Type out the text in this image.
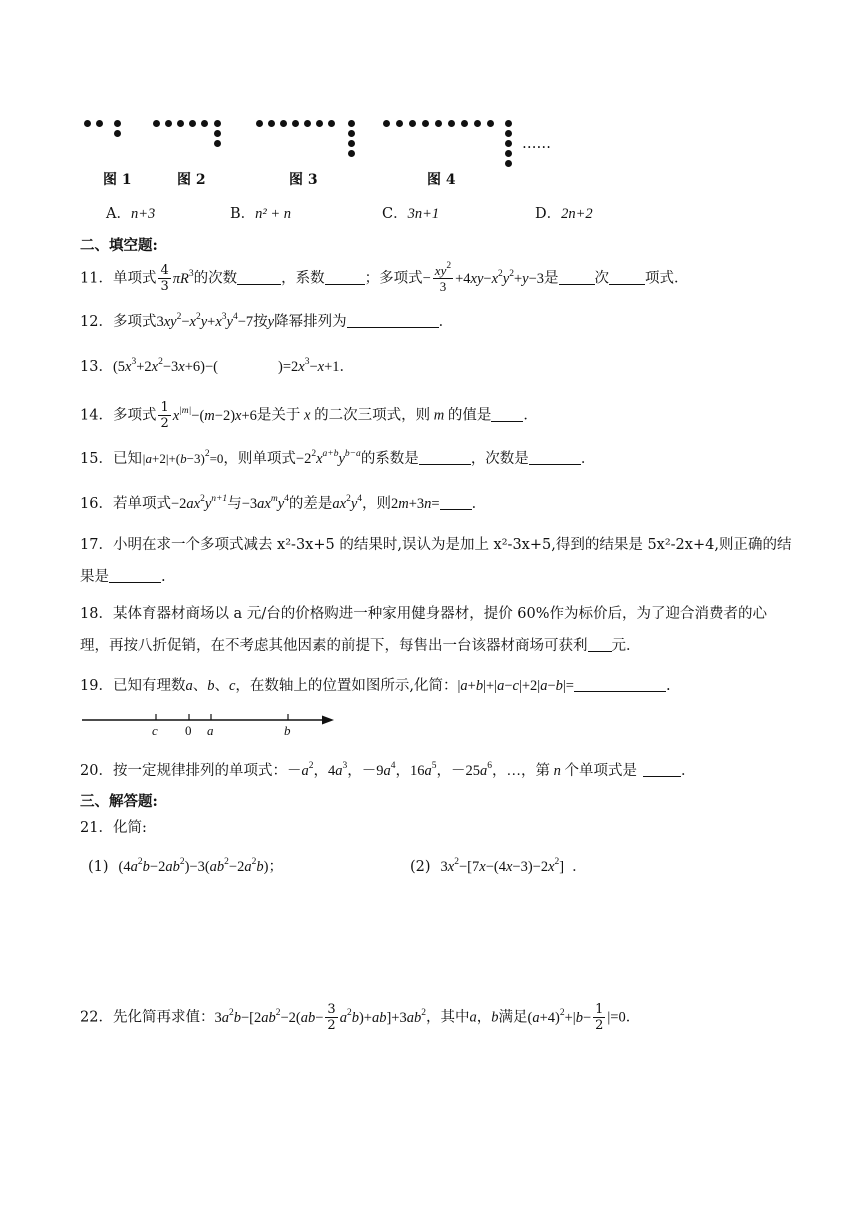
……
图 1	图 2	图 3	图 4
A．n+3	B．n² + n	C．3n+1	D．2n+2
二、填空题:
11．单项式 $\frac{4}{3} \pi R^3$的次数	，系数	；多项式− $\frac{xy^2}{3} +4xy-x^2y^2+y-3$是 次 项式．
12．多项式$3xy^2-x^2y+x^3y^4-7$按y降幂排列为	．
13．$(5x^3+2x^2-3x+6)-$(	)$=2x^3-x+1$．
14．多项式 $\frac{1}{2} x^{|m|}-(m-2)x+6$是关于 x 的二次三项式，则 m 的值是 ．
15．已知$|a+2|+(b-3)^2=0$，则单项式$-2^2x^{a+b}y^{b-a}$的系数是	，次数是	．
16．若单项式$-2ax^2y^{n+1}$与$-3ax^my^4$的差是$ax^2y^4$，则2m+3n= ．
17．小明在求一个多项式减去 x²-3x+5 的结果时,误认为是加上 x²-3x+5,得到的结果是 5x²-2x+4,则正确的结
果是	.
18．某体育器材商场以 a 元/台的价格购进一种家用健身器材，提价 60%作为标价后，为了迎合消费者的心
理，再按八折促销，在不考虑其他因素的前提下，每售出一台该器材商场可获利 元．
19．已知有理数a、b、c，在数轴上的位置如图所示,化简：|a+b|+|a−c|+2|a−b|=	.
c 0 a	b
20．按一定规律排列的单项式：$-a^2$，$4a^3$，$-9a^4$，$16a^5$，$-25a^6$，…，第 n 个单项式是	．
三、解答题:
21．化简:
(1) $(4a^2b-2ab^2)-3(ab^2-2a^2b)$；	(2) $3x^2-[7x-(4x-3)-2x^2]$ ．
22．先化简再求值：$3a^2b-[2ab^2-2(ab- \frac{3}{2} a^2b)+ab]+3ab^2$，其中a，b满足$(a+4)^2+|b- \frac{1}{2} |=0$．
